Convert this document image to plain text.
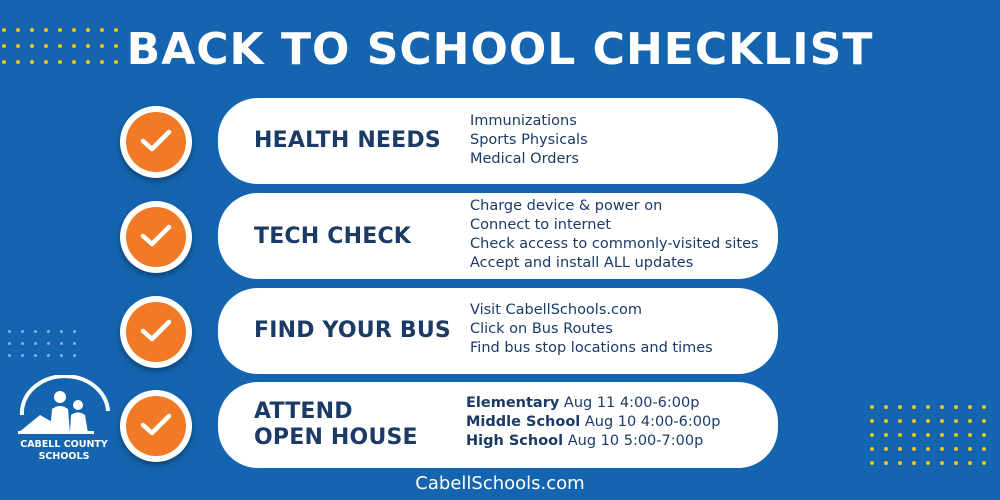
BACK TO SCHOOL CHECKLIST
HEALTH NEEDS
Immunizations
Sports Physicals
Medical Orders
TECH CHECK
Charge device & power on
Connect to internet
Check access to commonly-visited sites
Accept and install ALL updates
FIND YOUR BUS
Visit CabellSchools.com
Click on Bus Routes
Find bus stop locations and times
ATTEND
OPEN HOUSE
Elementary Aug 11 4:00-6:00p
Middle School Aug 10 4:00-6:00p
High School Aug 10 5:00-7:00p
CABELL COUNTY
SCHOOLS
CabellSchools.com
